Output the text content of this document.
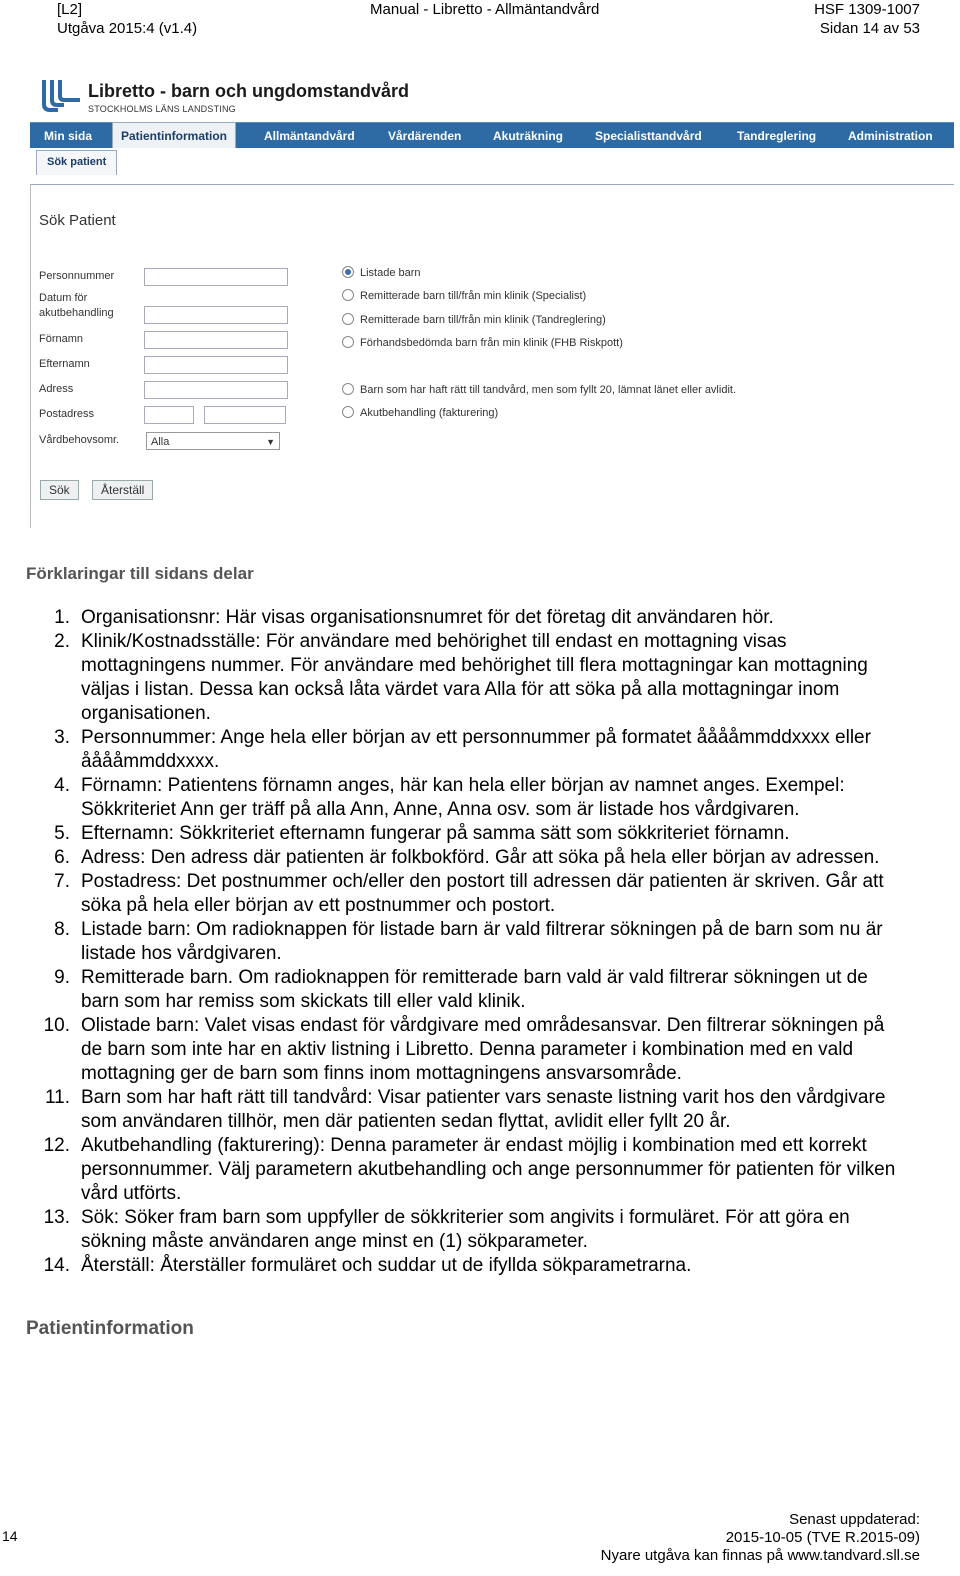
[L2]
Utgåva 2015:4 (v1.4)
Manual - Libretto - Allmäntandvård	HSF 1309-1007
Sidan 14 av 53
Libretto - barn och ungdomstandvård
STOCKHOLMS LÄNS LANDSTING
Min sida	Patientinformation	Allmäntandvård	Vårdärenden	Akuträkning	Specialisttandvård	Tandreglering	Administration
Sök patient
Sök Patient
Personnummer
Datum för
akutbehandling
Förnamn
Efternamn
Adress
Postadress
Vårdbehovsomr.	Alla	▼
Listade barn
Remitterade barn till/från min klinik (Specialist)
Remitterade barn till/från min klinik (Tandreglering)
Förhandsbedömda barn från min klinik (FHB Riskpott)
Barn som har haft rätt till tandvård, men som fyllt 20, lämnat länet eller avlidit.
Akutbehandling (fakturering)
Sök	Återställ
Förklaringar till sidans delar
1. Organisationsnr: Här visas organisationsnumret för det företag dit användaren hör.
2. Klinik/Kostnadsställe: För användare med behörighet till endast en mottagning visas
mottagningens nummer. För användare med behörighet till flera mottagningar kan mottagning
väljas i listan. Dessa kan också låta värdet vara Alla för att söka på alla mottagningar inom
organisationen.
3. Personnummer: Ange hela eller början av ett personnummer på formatet ååååmmddxxxx eller
ååååmmddxxxx.
4. Förnamn: Patientens förnamn anges, här kan hela eller början av namnet anges. Exempel:
Sökkriteriet Ann ger träff på alla Ann, Anne, Anna osv. som är listade hos vårdgivaren.
5. Efternamn: Sökkriteriet efternamn fungerar på samma sätt som sökkriteriet förnamn.
6. Adress: Den adress där patienten är folkbokförd. Går att söka på hela eller början av adressen.
7. Postadress: Det postnummer och/eller den postort till adressen där patienten är skriven. Går att
söka på hela eller början av ett postnummer och postort.
8. Listade barn: Om radioknappen för listade barn är vald filtrerar sökningen på de barn som nu är
listade hos vårdgivaren.
9. Remitterade barn. Om radioknappen för remitterade barn vald är vald filtrerar sökningen ut de
barn som har remiss som skickats till eller vald klinik.
10. Olistade barn: Valet visas endast för vårdgivare med områdesansvar. Den filtrerar sökningen på
de barn som inte har en aktiv listning i Libretto. Denna parameter i kombination med en vald
mottagning ger de barn som finns inom mottagningens ansvarsområde.
11. Barn som har haft rätt till tandvård: Visar patienter vars senaste listning varit hos den vårdgivare
som användaren tillhör, men där patienten sedan flyttat, avlidit eller fyllt 20 år.
12. Akutbehandling (fakturering): Denna parameter är endast möjlig i kombination med ett korrekt
personnummer. Välj parametern akutbehandling och ange personnummer för patienten för vilken
vård utförts.
13. Sök: Söker fram barn som uppfyller de sökkriterier som angivits i formuläret. För att göra en
sökning måste användaren ange minst en (1) sökparameter.
14. Återställ: Återställer formuläret och suddar ut de ifyllda sökparametrarna.
Patientinformation
14
Senast uppdaterad:
2015-10-05 (TVE R.2015-09)
Nyare utgåva kan finnas på www.tandvard.sll.se
